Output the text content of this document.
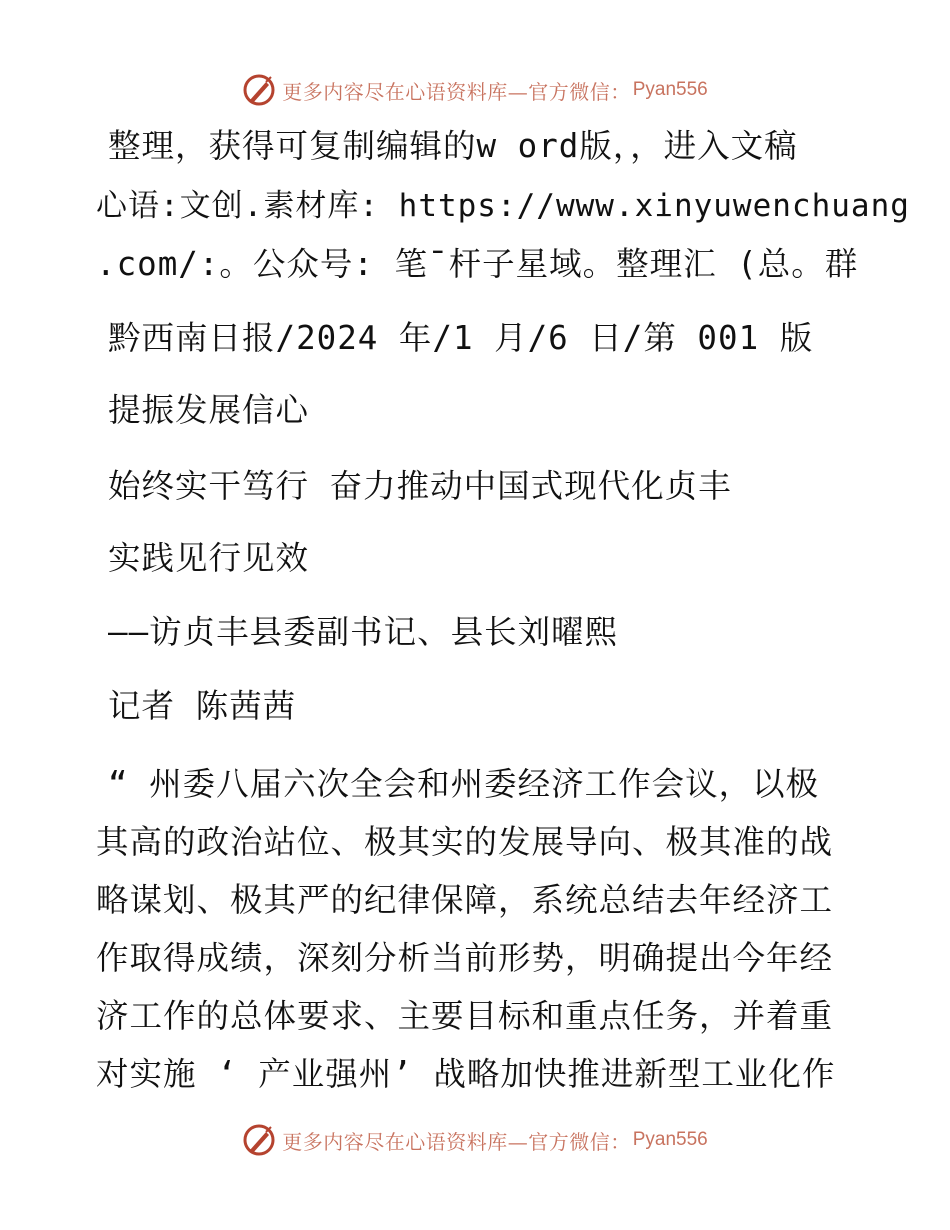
更多内容尽在心语资料库—官方微信： Pyan556
整理，获得可复制编辑的w ord版，，进入文稿
心语:文创.素材库: https://www.xinyuwenchuang
.com/:。公众号: 笔¯杆子星域。整理汇 (总。群
黔西南日报/2024 年/1 月/6 日/第 001 版
提振发展信心
始终实干笃行 奋力推动中国式现代化贞丰
实践见行见效
——访贞丰县委副书记、县长刘曜熙
记者 陈茜茜
“ 州委八届六次全会和州委经济工作会议，以极
其高的政治站位、极其实的发展导向、极其准的战
略谋划、极其严的纪律保障，系统总结去年经济工
作取得成绩，深刻分析当前形势，明确提出今年经
济工作的总体要求、主要目标和重点任务，并着重
对实施 ‘ 产业强州’ 战略加快推进新型工业化作
更多内容尽在心语资料库—官方微信： Pyan556
